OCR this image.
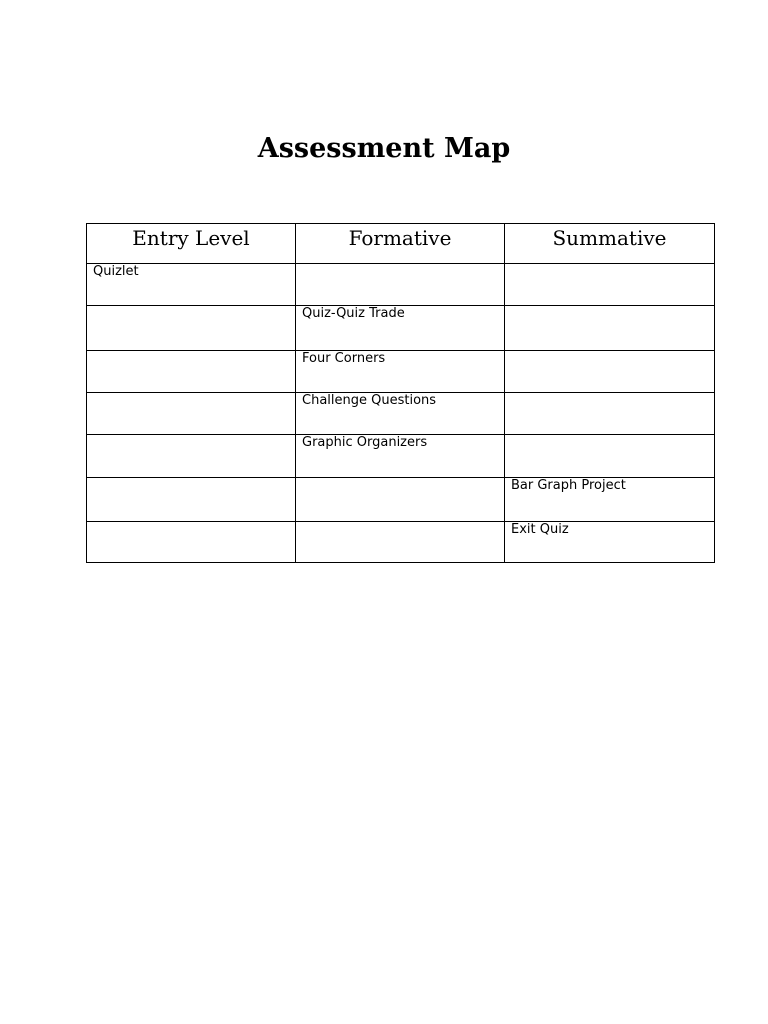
Assessment Map
Entry Level	Formative	Summative
Quizlet		
	Quiz-Quiz Trade	
	Four Corners	
	Challenge Questions	
	Graphic Organizers	
		Bar Graph Project
		Exit Quiz
